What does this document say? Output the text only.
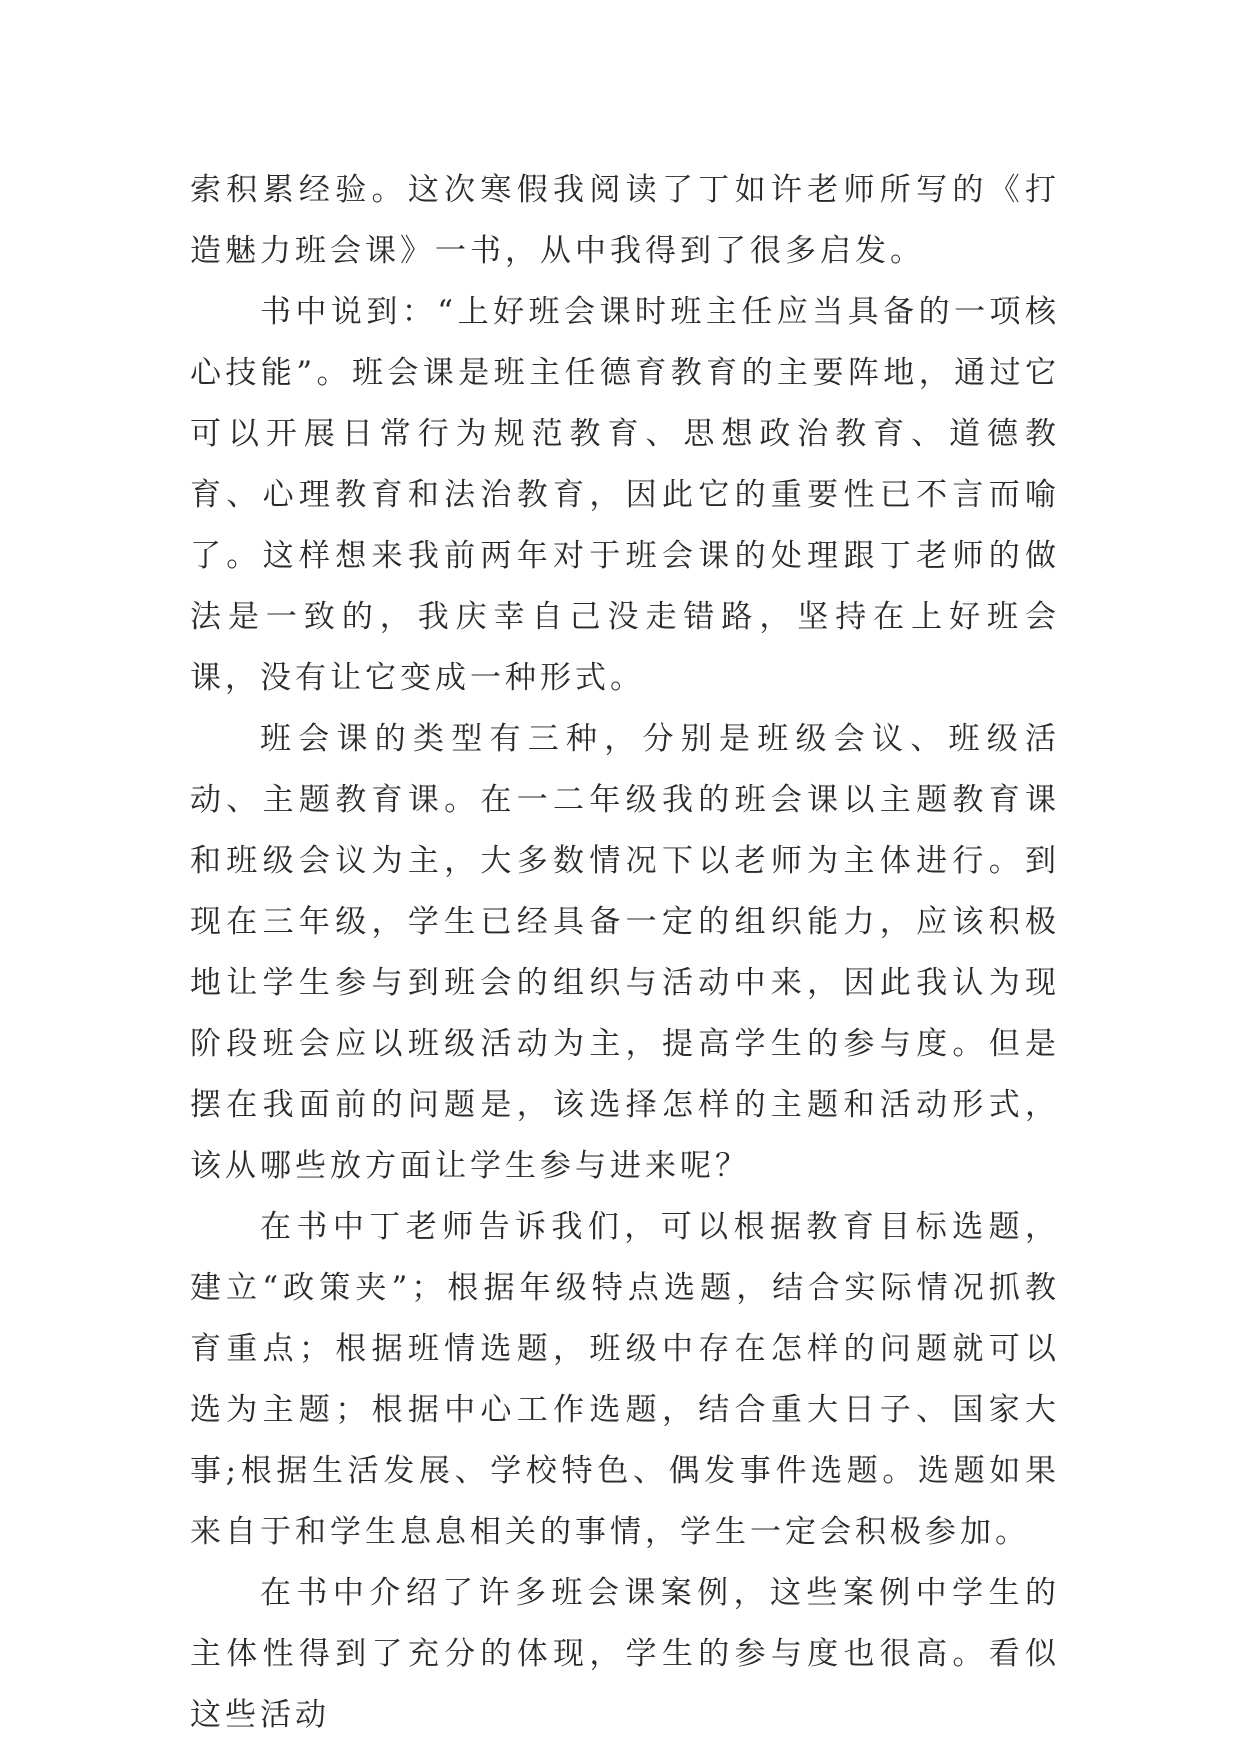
索积累经验。这次寒假我阅读了丁如许老师所写的《打造魅力班会课》一书，从中我得到了很多启发。

书中说到：“上好班会课时班主任应当具备的一项核心技能”。班会课是班主任德育教育的主要阵地，通过它可以开展日常行为规范教育、思想政治教育、道德教育、心理教育和法治教育，因此它的重要性已不言而喻了。这样想来我前两年对于班会课的处理跟丁老师的做法是一致的，我庆幸自己没走错路，坚持在上好班会课，没有让它变成一种形式。

班会课的类型有三种，分别是班级会议、班级活动、主题教育课。在一二年级我的班会课以主题教育课和班级会议为主，大多数情况下以老师为主体进行。到现在三年级，学生已经具备一定的组织能力，应该积极地让学生参与到班会的组织与活动中来，因此我认为现阶段班会应以班级活动为主，提高学生的参与度。但是摆在我面前的问题是，该选择怎样的主题和活动形式，该从哪些放方面让学生参与进来呢？

在书中丁老师告诉我们，可以根据教育目标选题，建立“政策夹”；根据年级特点选题，结合实际情况抓教育重点；根据班情选题，班级中存在怎样的问题就可以选为主题；根据中心工作选题，结合重大日子、国家大事;根据生活发展、学校特色、偶发事件选题。选题如果来自于和学生息息相关的事情，学生一定会积极参加。

在书中介绍了许多班会课案例，这些案例中学生的主体性得到了充分的体现，学生的参与度也很高。看似这些活动
